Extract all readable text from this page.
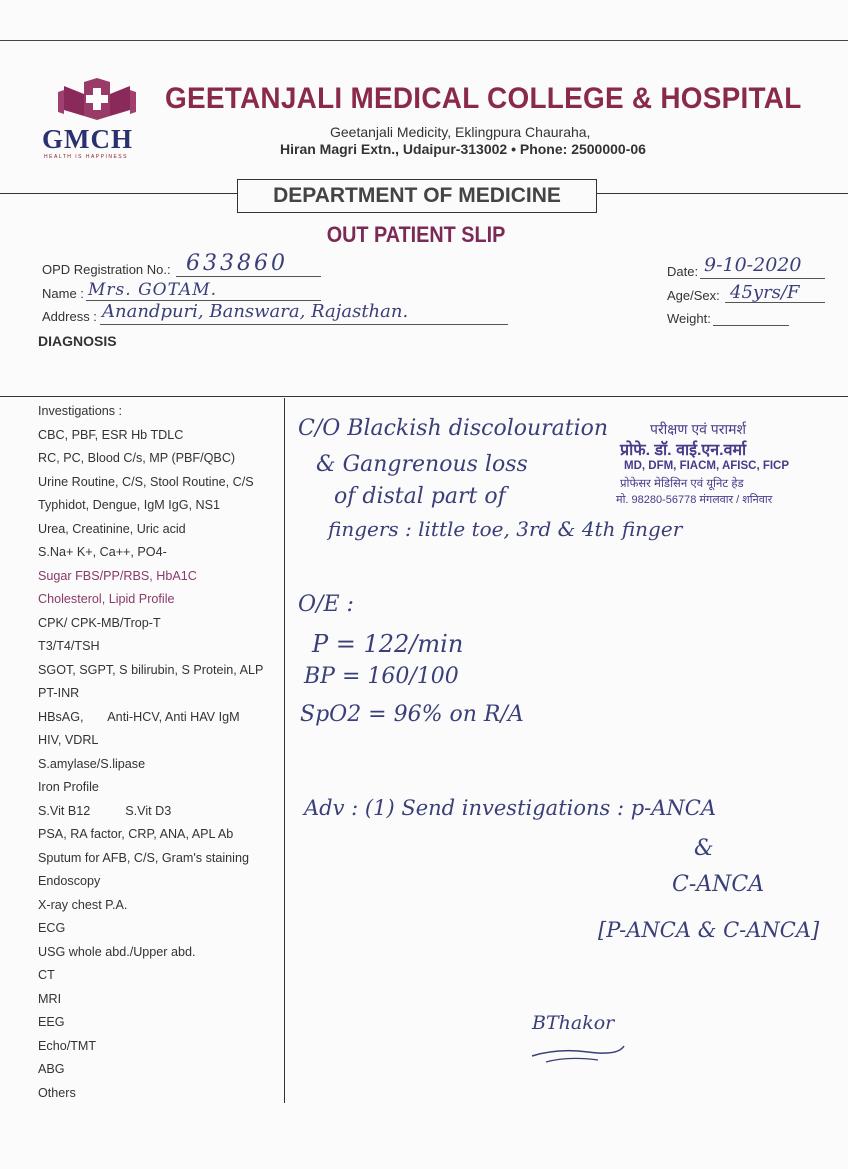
GMCH
HEALTH IS HAPPINESS
GEETANJALI MEDICAL COLLEGE & HOSPITAL
Geetanjali Medicity, Eklingpura Chauraha,
Hiran Magri Extn., Udaipur-313002 • Phone: 2500000-06
DEPARTMENT OF MEDICINE
OUT PATIENT SLIP
OPD Registration No.: 633860
Name : Mrs. GOTAM.
Address : Anandpuri, Banswara, Rajasthan.
Date: 9-10-2020
Age/Sex: 45yrs/F
Weight:
DIAGNOSIS
Investigations :
CBC, PBF, ESR Hb TDLC
RC, PC, Blood C/s, MP (PBF/QBC)
Urine Routine, C/S, Stool Routine, C/S
Typhidot, Dengue, IgM IgG, NS1
Urea, Creatinine, Uric acid
S.Na+ K+, Ca++, PO4-
Sugar FBS/PP/RBS, HbA1C
Cholesterol, Lipid Profile
CPK/ CPK-MB/Trop-T
T3/T4/TSH
SGOT, SGPT, S bilirubin, S Protein, ALP
PT-INR
HBsAG,       Anti-HCV, Anti HAV IgM
HIV, VDRL
S.amylase/S.lipase
Iron Profile
S.Vit B12          S.Vit D3
PSA, RA factor, CRP, ANA, APL Ab
Sputum for AFB, C/S, Gram's staining
Endoscopy
X-ray chest P.A.
ECG
USG whole abd./Upper abd.
CT
MRI
EEG
Echo/TMT
ABG
Others
परीक्षण एवं परामर्श
प्रोफे. डॉ. वाई.एन.वर्मा
MD, DFM, FIACM, AFISC, FICP
प्रोफेसर मेडिसिन एवं यूनिट हेड
मो. 98280-56778 मंगलवार / शनिवार
C/O Blackish discolouration
& Gangrenous loss
of distal part of
fingers : little toe, 3rd & 4th finger
O/E :
P = 122/min
BP = 160/100
SpO2 = 96% on R/A
Adv : (1) Send investigations : p-ANCA
&
C-ANCA
[P-ANCA & C-ANCA]
BThakor
